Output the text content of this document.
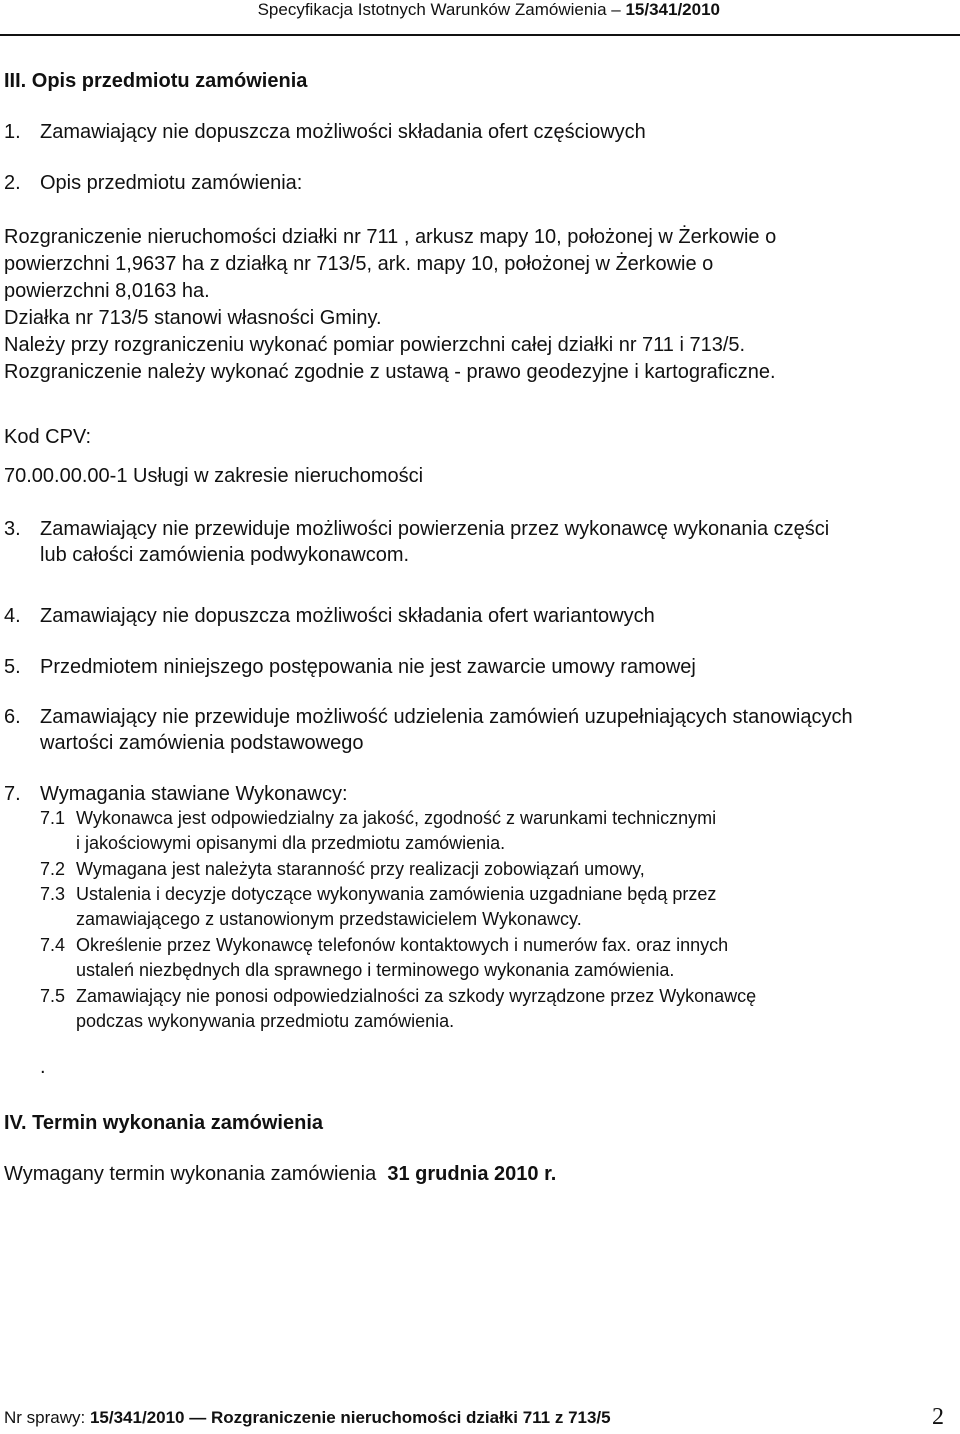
Specyfikacja Istotnych Warunków Zamówienia – 15/341/2010
III. Opis przedmiotu zamówienia
1. Zamawiający nie dopuszcza możliwości składania ofert częściowych
2. Opis przedmiotu zamówienia:
Rozgraniczenie nieruchomości działki nr 711 , arkusz mapy 10, położonej w Żerkowie o
powierzchni 1,9637 ha z działką nr 713/5, ark. mapy 10, położonej w Żerkowie o
powierzchni 8,0163 ha.
Działka nr 713/5 stanowi własności Gminy.
Należy przy rozgraniczeniu wykonać pomiar powierzchni całej działki nr 711 i 713/5.
Rozgraniczenie należy wykonać zgodnie z ustawą - prawo geodezyjne i kartograficzne.
Kod CPV:
70.00.00.00-1 Usługi w zakresie nieruchomości
3. Zamawiający nie przewiduje możliwości powierzenia przez wykonawcę wykonania części
lub całości zamówienia podwykonawcom.
4. Zamawiający nie dopuszcza możliwości składania ofert wariantowych
5. Przedmiotem niniejszego postępowania nie jest zawarcie umowy ramowej
6. Zamawiający nie przewiduje możliwość udzielenia zamówień uzupełniających stanowiących
wartości zamówienia podstawowego
7. Wymagania stawiane Wykonawcy:
7.1 Wykonawca jest odpowiedzialny za jakość, zgodność z warunkami technicznymi
i jakościowymi opisanymi dla przedmiotu zamówienia.
7.2 Wymagana jest należyta staranność przy realizacji zobowiązań umowy,
7.3 Ustalenia i decyzje dotyczące wykonywania zamówienia uzgadniane będą przez
zamawiającego z ustanowionym przedstawicielem Wykonawcy.
7.4 Określenie przez Wykonawcę telefonów kontaktowych i numerów fax. oraz innych
ustaleń niezbędnych dla sprawnego i terminowego wykonania zamówienia.
7.5 Zamawiający nie ponosi odpowiedzialności za szkody wyrządzone przez Wykonawcę
podczas wykonywania przedmiotu zamówienia.
.
IV. Termin wykonania zamówienia
Wymagany termin wykonania zamówienia 31 grudnia 2010 r.
Nr sprawy: 15/341/2010 — Rozgraniczenie nieruchomości działki 711 z 713/5	2
